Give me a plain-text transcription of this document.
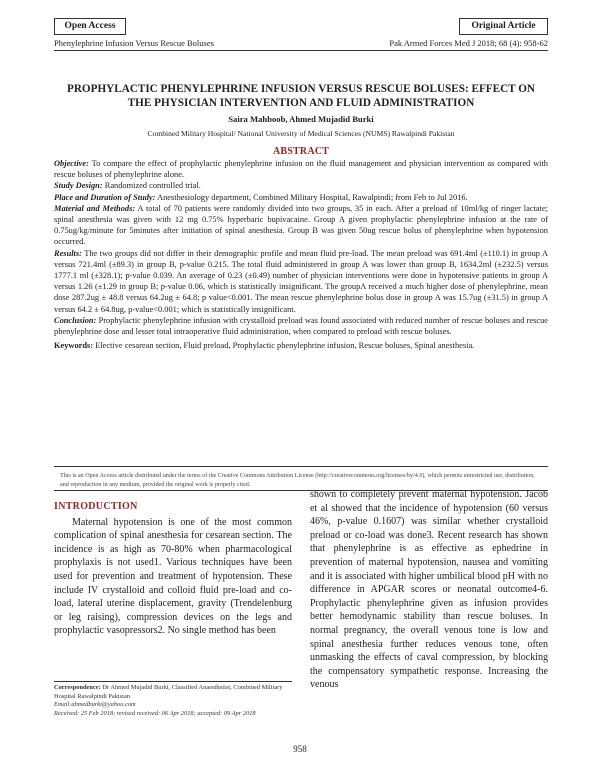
Open Access	Original Article
Phenylephrine Infusion Versus Rescue Boluses	Pak Armed Forces Med J 2018; 68 (4): 958-62
PROPHYLACTIC PHENYLEPHRINE INFUSION VERSUS RESCUE BOLUSES: EFFECT ON THE PHYSICIAN INTERVENTION AND FLUID ADMINISTRATION
Saira Mahboob, Ahmed Mujadid Burki
Combined Military Hospital/ National University of Medical Sciences (NUMS) Rawalpindi Pakistan
ABSTRACT

Objective: To compare the effect of prophylactic phenylephrine infusion on the fluid management and physician intervention as compared with rescue boluses of phenylephrine alone.

Study Design: Randomized controlled trial.

Place and Duration of Study: Anesthesiology department, Combined Military Hospital, Rawalpindi; from Feb to Jul 2016.

Material and Methods: A total of 70 patients were randomly divided into two groups, 35 in each. After a preload of 10ml/kg of ringer lactate; spinal anesthesia was given with 12 mg 0.75% hyperbaric bupivacaine. Group A given prophylactic phenylephrine infusion at the rate of 0.75ug/kg/minute for 5minutes after initiation of spinal anesthesia. Group B was given 50ug rescue bolus of phenylephrine when hypotension occurred.

Results: The two groups did not differ in their demographic profile and mean fluid pre-load. The mean preload was 691.4ml (±110.1) in group A versus 721.4ml (±89.3) in group B, p-value 0.215. The total fluid administered in group A was lower than group B, 1634.2ml (±232.5) versus 1777.1 ml (±328.1); p-value 0.039. An average of 0.23 (±0.49) number of physician interventions were done in hypotensive patients in group A versus 1.26 (±1.29 in group B; p-value 0.06, which is statistically insignificant. The groupA received a much higher dose of phenylephrine, mean dose 287.2ug ± 48.8 versus 64.2ug ± 64.8; p value<0.001. The mean rescue phenylephrine bolus dose in group A was 15.7ug (±31.5) in group A versus 64.2 ± 64.8ug, p-value<0.001; which is statistically insignificant.

Conclusion: Prophylactic phenylephrine infusion with crystalloid preload was found associated with reduced number of rescue boluses and rescue phenylephrine dose and lesser total intraoperative fluid administration, when compared to preload with rescue boluses.

Keywords: Elective cesarean section, Fluid preload, Prophylactic phenylephrine infusion, Rescue boluses, Spinal anesthesia.

This is an Open Access article distributed under the terms of the Creative Commons Attribution License (http://creativecommons.org/licenses/by/4.0), which permits unrestricted use, distribution, and reproduction in any medium, provided the original work is properly cited.
INTRODUCTION

Maternal hypotension is one of the most common complication of spinal anesthesia for cesarean section. The incidence is as high as 70-80% when pharmacological prophylaxis is not used1. Various techniques have been used for prevention and treatment of hypotension. These include IV crystalloid and colloid fluid pre-load and co-load, lateral uterine displacement, gravity (Trendelenburg or leg raising), compression devices on the legs and prophylactic vasopressors2. No single method has been

shown to completely prevent maternal hypotension. Jacob et al showed that the incidence of hypotension (60 versus 46%, p-value 0.1607) was similar whether crystalloid preload or co-load was done3. Recent research has shown that phenylephrine is as effective as ephedrine in prevention of maternal hypotension, nausea and vomiting and it is associated with higher umbilical blood pH with no difference in APGAR scores or neonatal outcome4-6. Prophylactic phenylephrine given as infusion provides better hemodynamic stability than rescue boluses. In normal pregnancy, the overall venous tone is low and spinal anesthesia further reduces venous tone, often unmasking the effects of caval compression, by blocking the compensatory sympathetic response. Increasing the venous

Correspondence: Dr Ahmed Mujadid Burki, Classified Anaesthetist, Combined Military Hospital Rawalpindi Pakistan
Email:ahmedburki@yahoo.com
Received: 25 Feb 2018; revised received: 06 Apr 2018; accepted: 09 Apr 2018
958
